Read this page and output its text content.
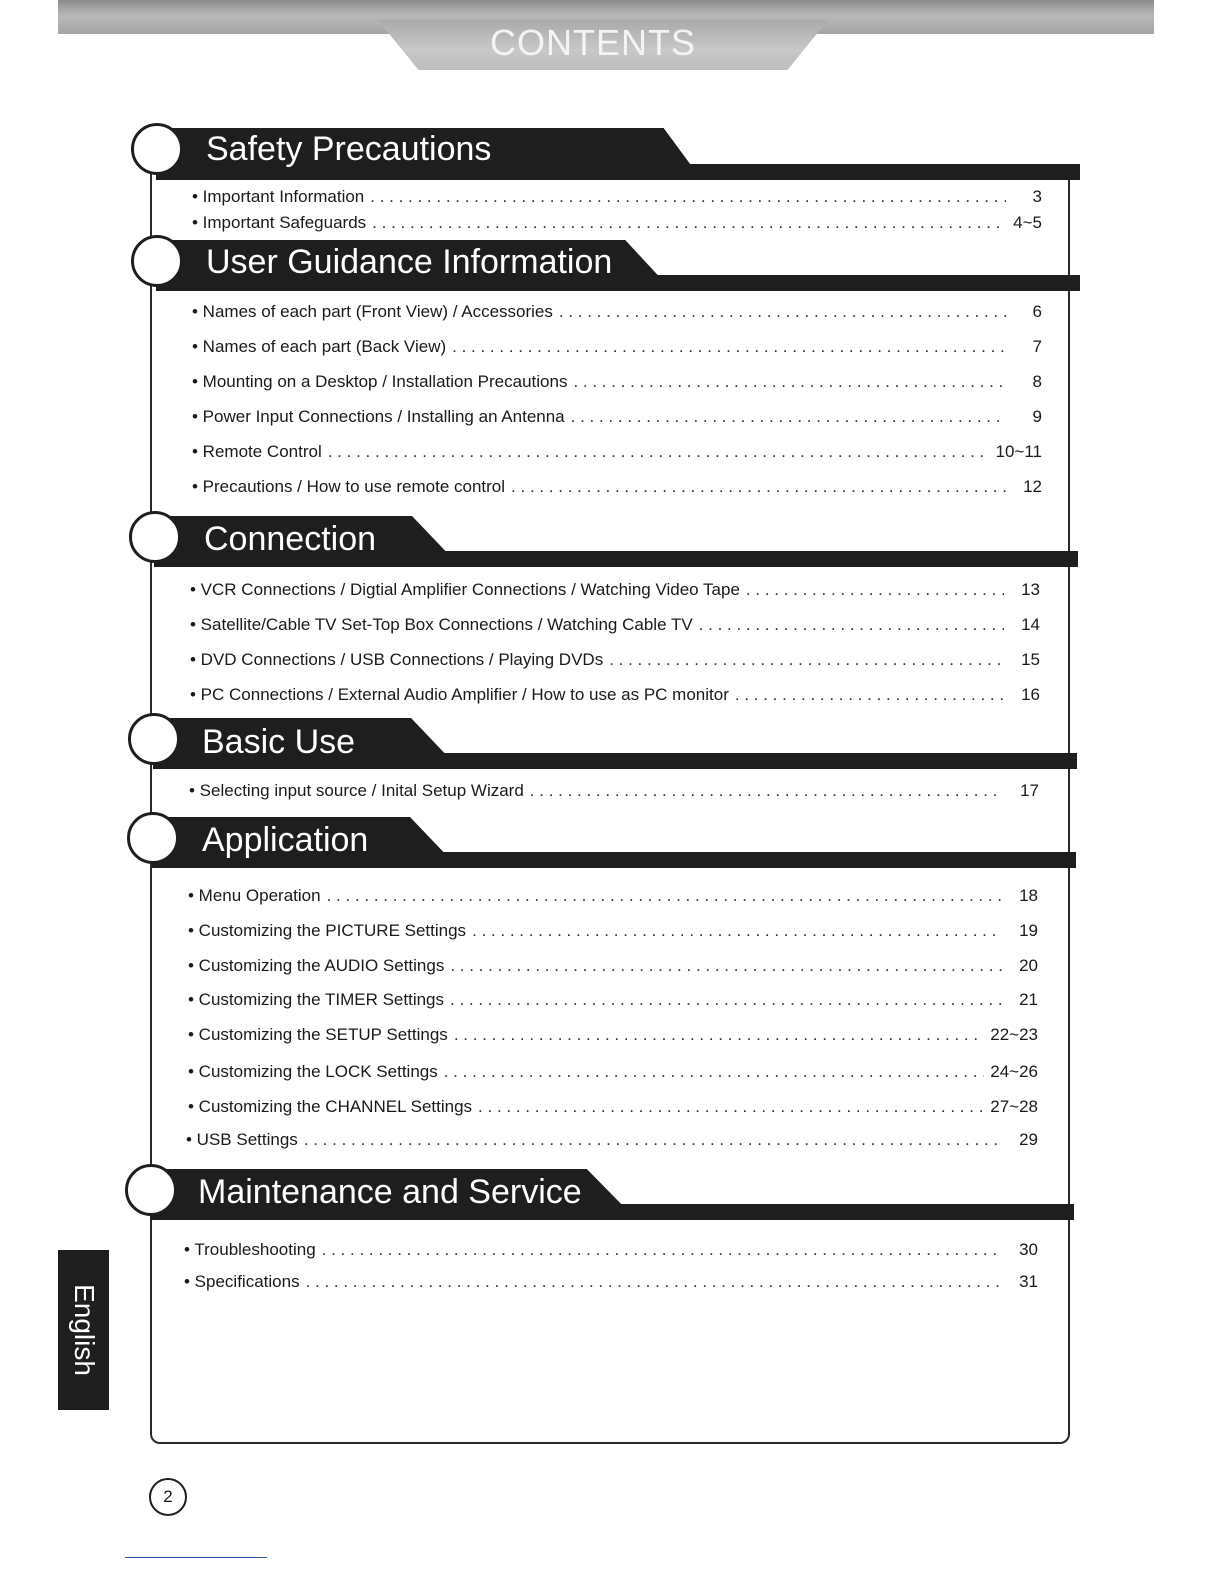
CONTENTS
Safety Precautions
• Important Information . . .	3
• Important Safeguards . . .	4~5
User Guidance Information
• Names of each part (Front View) / Accessories . . .	6
• Names of each part (Back View) . . .	7
• Mounting on a Desktop / Installation Precautions . . .	8
• Power Input Connections / Installing an Antenna . . .	9
• Remote Control . . .	10~11
• Precautions / How to use remote control . . .	12
Connection
• VCR Connections / Digtial Amplifier Connections / Watching Video Tape . . .	13
• Satellite/Cable TV Set-Top Box Connections / Watching Cable TV . . .	14
• DVD Connections / USB Connections / Playing DVDs . . .	15
• PC Connections / External Audio Amplifier / How to use as PC monitor . . .	16
Basic Use
• Selecting input source / Inital Setup Wizard . . .	17
Application
• Menu Operation . . .	18
• Customizing the PICTURE Settings . . .	19
• Customizing the AUDIO Settings . . .	20
• Customizing the TIMER Settings . . .	21
• Customizing the SETUP Settings . . .	22~23
• Customizing the LOCK Settings . . .	24~26
• Customizing the CHANNEL Settings . . .	27~28
• USB Settings . . .	29
Maintenance and Service
• Troubleshooting . . .	30
• Specifications . . .	31
English
2
